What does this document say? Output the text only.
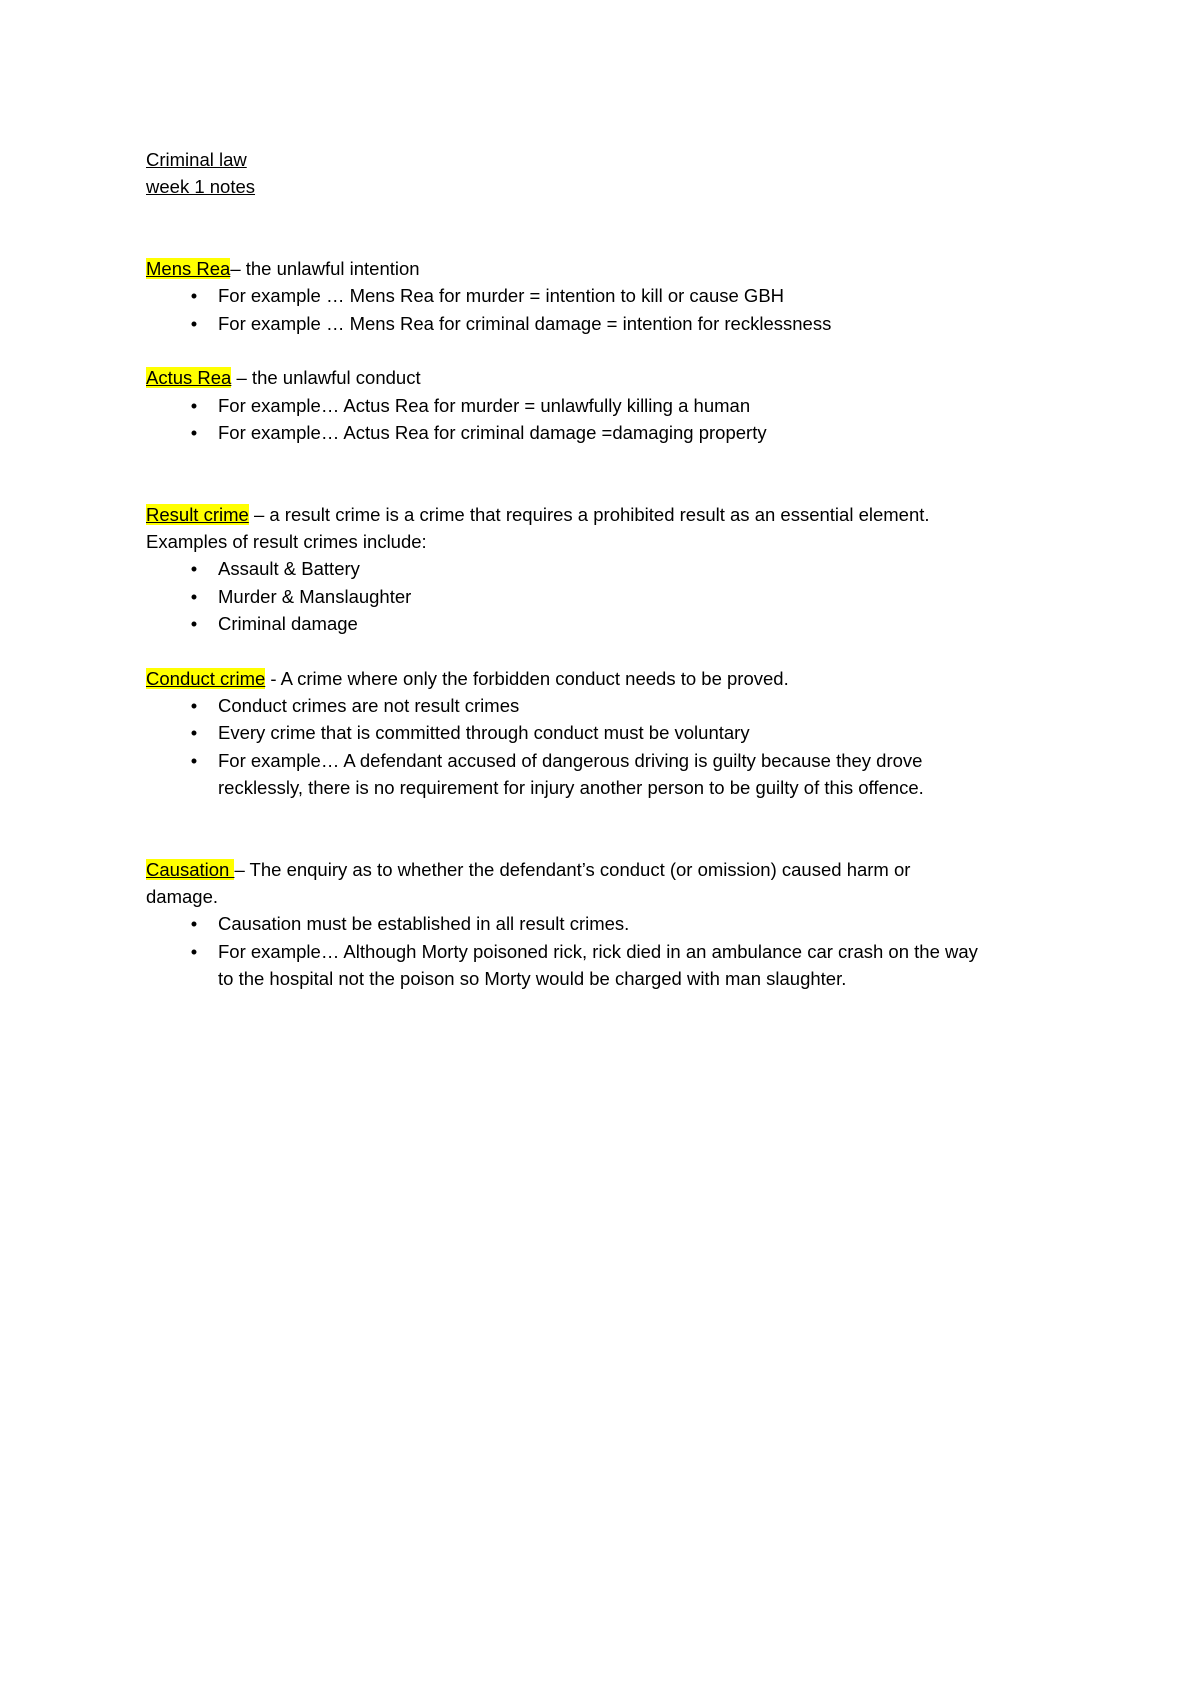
Criminal law
week 1 notes
Mens Rea– the unlawful intention
•	For example … Mens Rea for murder = intention to kill or cause GBH
•	For example … Mens Rea for criminal damage = intention for recklessness
Actus Rea – the unlawful conduct
•	For example… Actus Rea for murder = unlawfully killing a human
•	For example… Actus Rea for criminal damage =damaging property
Result crime – a result crime is a crime that requires a prohibited result as an essential element.
Examples of result crimes include:
•	Assault & Battery
•	Murder & Manslaughter
•	Criminal damage
Conduct crime - A crime where only the forbidden conduct needs to be proved.
•	Conduct crimes are not result crimes
•	Every crime that is committed through conduct must be voluntary
•	For example… A defendant accused of dangerous driving is guilty because they drove
recklessly, there is no requirement for injury another person to be guilty of this offence.
Causation – The enquiry as to whether the defendant’s conduct (or omission) caused harm or
damage.
•	Causation must be established in all result crimes.
•	For example… Although Morty poisoned rick, rick died in an ambulance car crash on the way
to the hospital not the poison so Morty would be charged with man slaughter.
